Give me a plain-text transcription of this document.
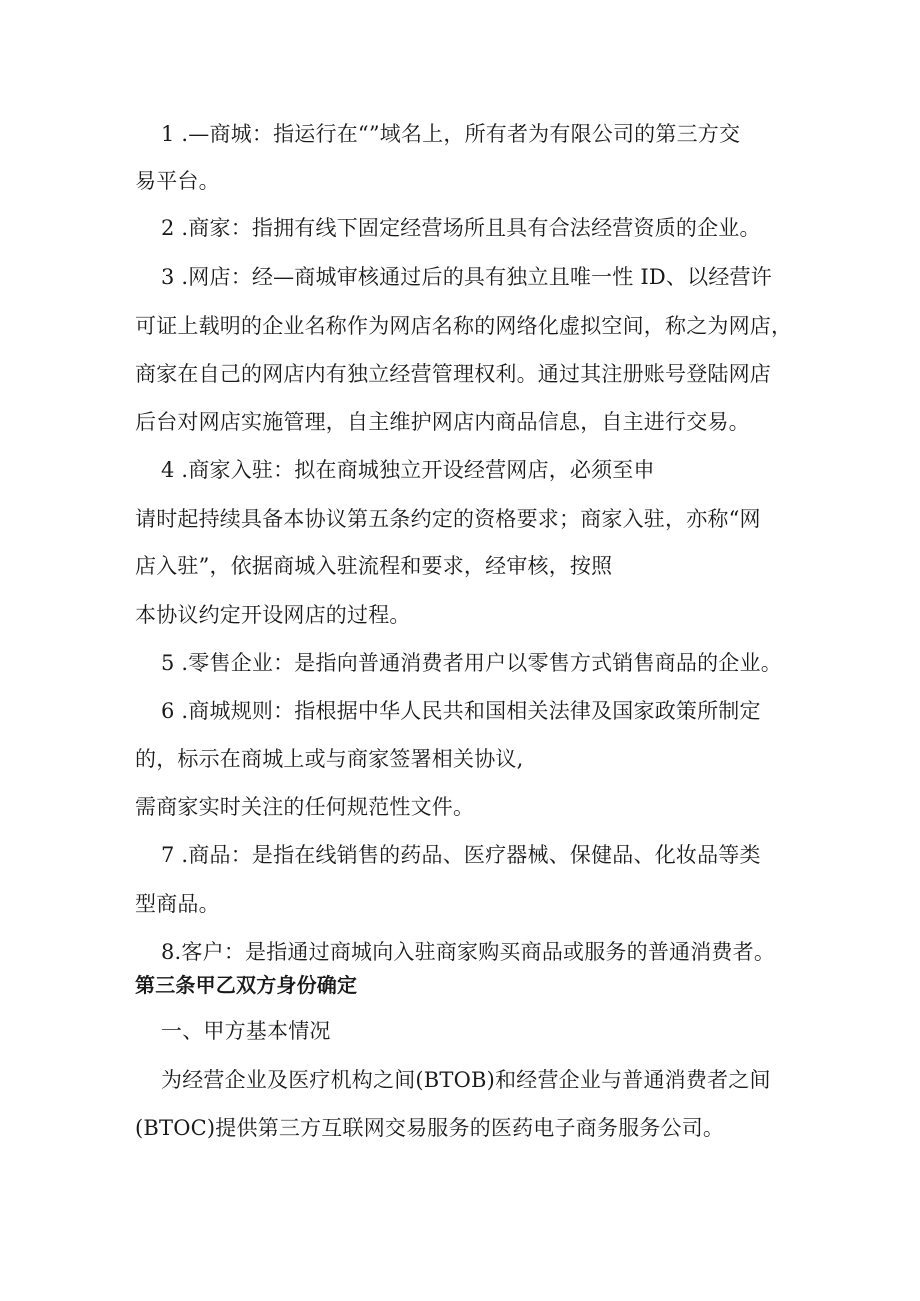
1 .—商城：指运行在“”域名上，所有者为有限公司的第三方交
易平台。
2 .商家：指拥有线下固定经营场所且具有合法经营资质的企业。
3 .网店：经—商城审核通过后的具有独立且唯一性 ID、以经营许
可证上载明的企业名称作为网店名称的网络化虚拟空间，称之为网店，
商家在自己的网店内有独立经营管理权利。通过其注册账号登陆网店
后台对网店实施管理，自主维护网店内商品信息，自主进行交易。
4 .商家入驻：拟在商城独立开设经营网店，必须至申
请时起持续具备本协议第五条约定的资格要求；商家入驻，亦称“网
店入驻”，依据商城入驻流程和要求，经审核，按照
本协议约定开设网店的过程。
5 .零售企业：是指向普通消费者用户以零售方式销售商品的企业。
6 .商城规则：指根据中华人民共和国相关法律及国家政策所制定
的，标示在商城上或与商家签署相关协议,
需商家实时关注的任何规范性文件。
7 .商品：是指在线销售的药品、医疗器械、保健品、化妆品等类
型商品。
8.客户：是指通过商城向入驻商家购买商品或服务的普通消费者。
第三条甲乙双方身份确定
一、甲方基本情况
为经营企业及医疗机构之间(BTOB)和经营企业与普通消费者之间
(BTOC)提供第三方互联网交易服务的医药电子商务服务公司。
